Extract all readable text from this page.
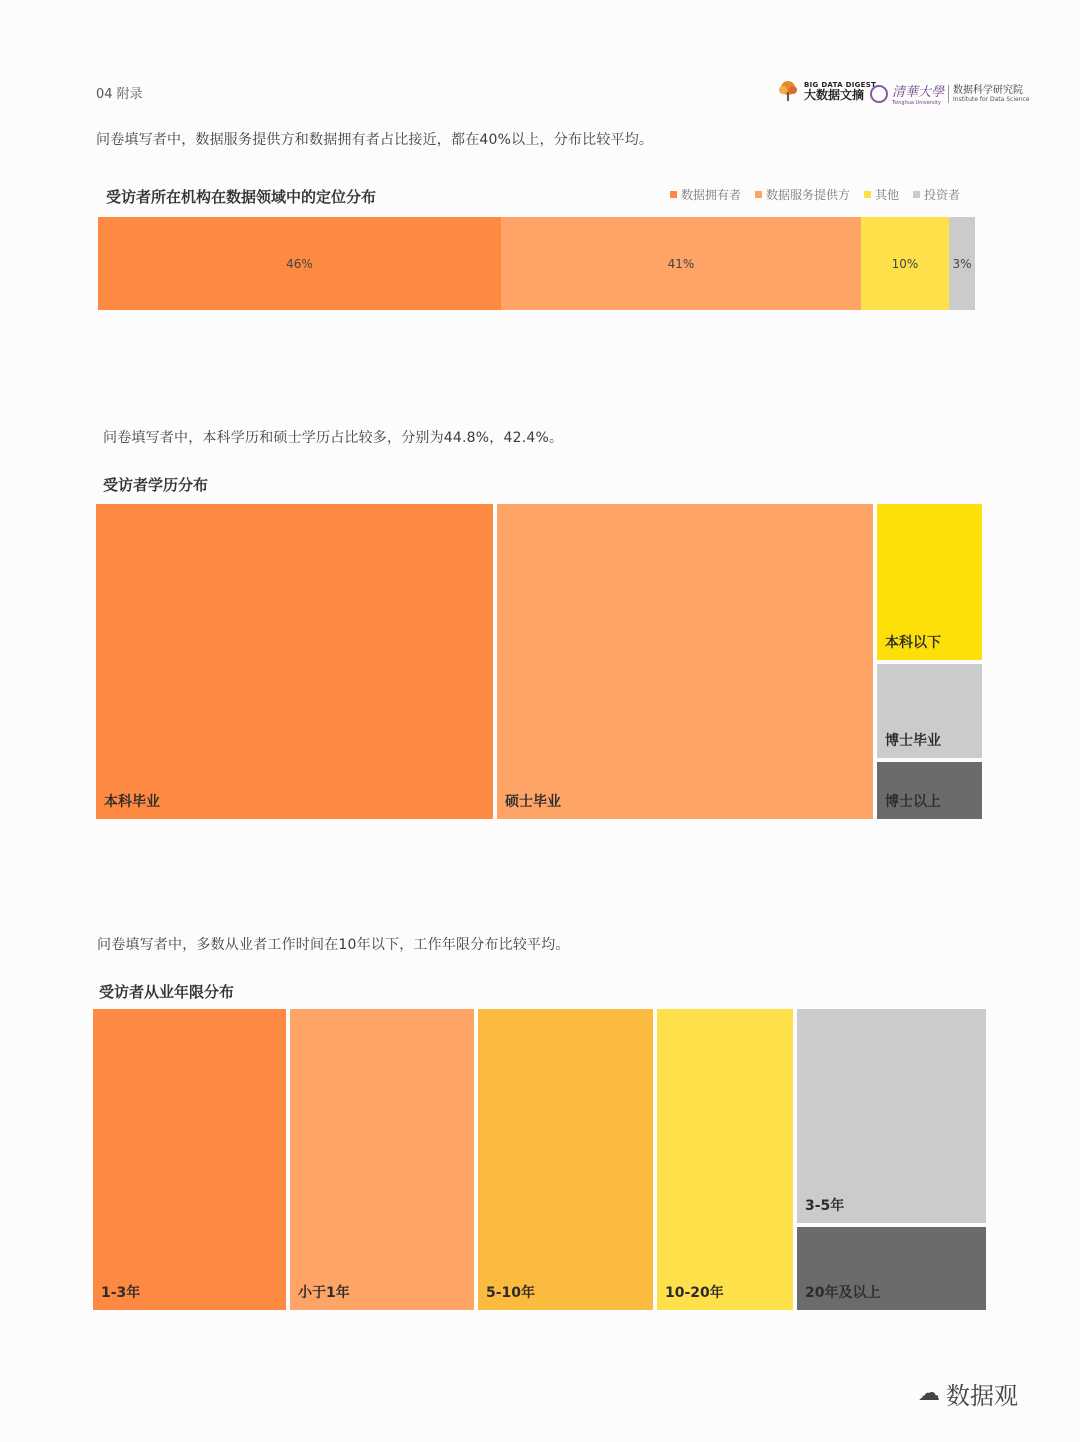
04 附录
BIG DATA DIGEST
大数据文摘	清華大學
Tsinghua University
数据科学研究院
Institute for Data Science
问卷填写者中，数据服务提供方和数据拥有者占比接近，都在40%以上，分布比较平均。
受访者所在机构在数据领域中的定位分布	数据拥有者 数据服务提供方 其他 投资者
46%	41%	10%	3%
问卷填写者中，本科学历和硕士学历占比较多，分别为44.8%，42.4%。
受访者学历分布
本科毕业	硕士毕业
本科以下
博士毕业
博士以上
问卷填写者中，多数从业者工作时间在10年以下，工作年限分布比较平均。
受访者从业年限分布
1-3年	小于1年	5-10年	10-20年
3-5年
20年及以上
☁ 数据观
